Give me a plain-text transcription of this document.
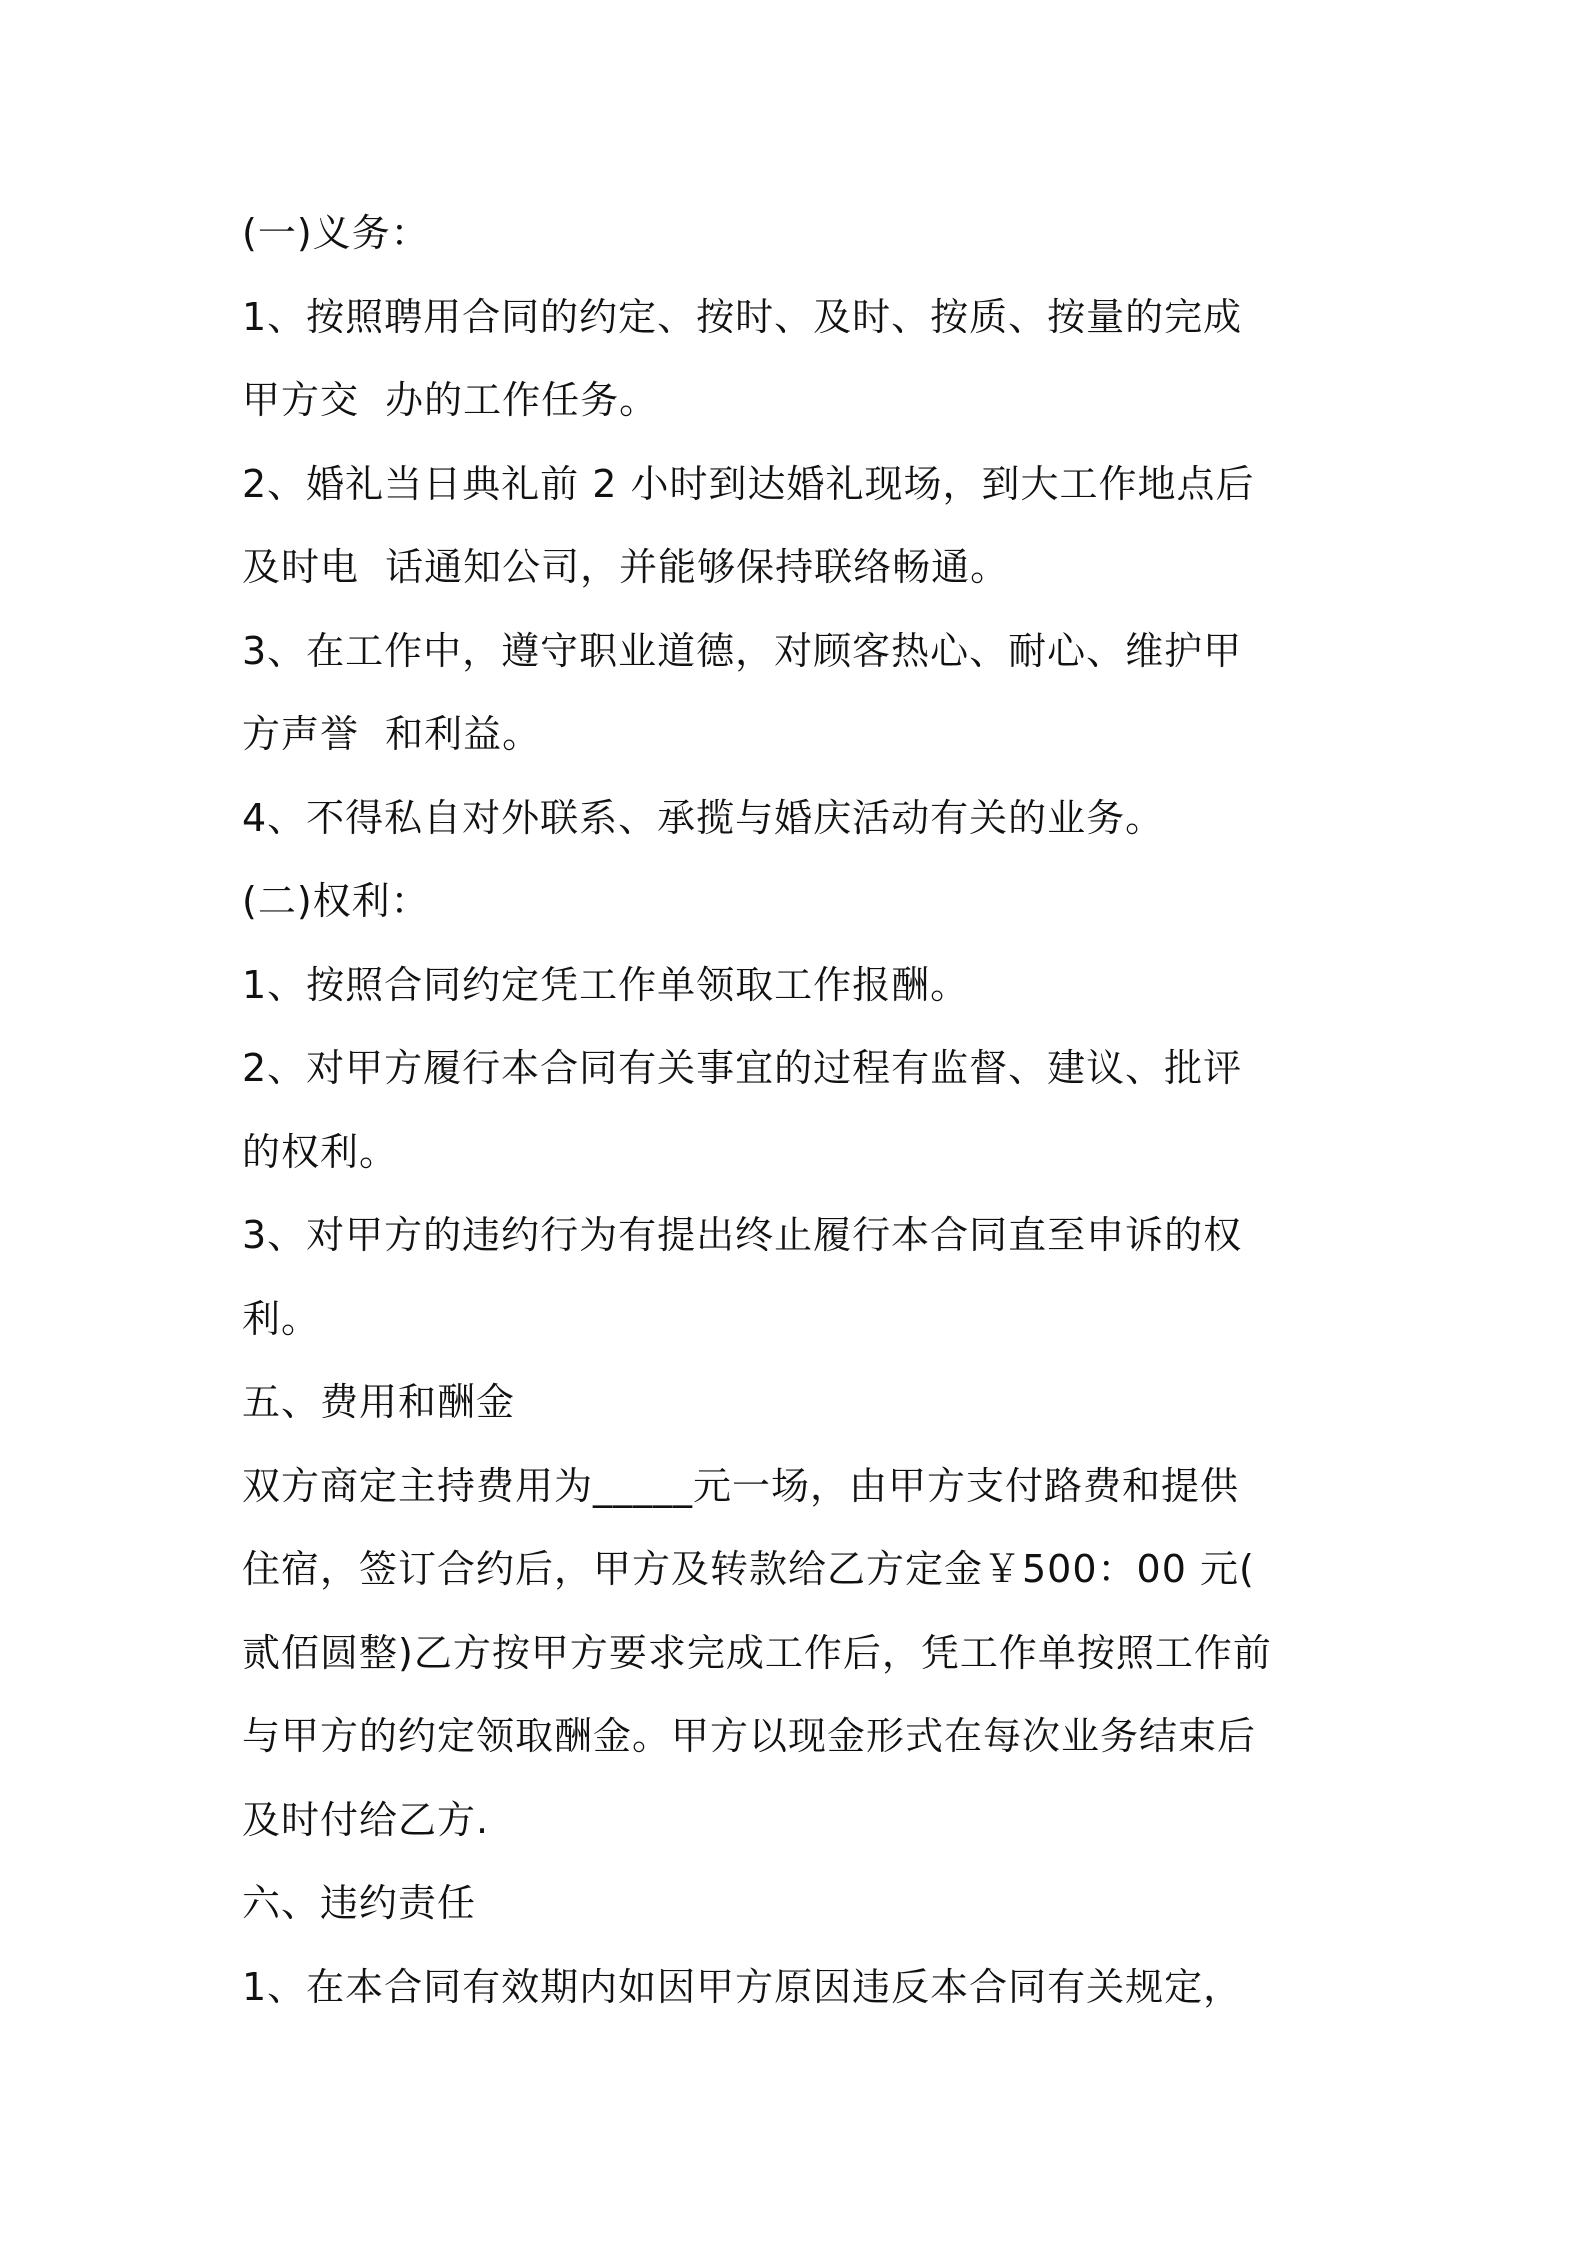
(一)义务：
1、按照聘用合同的约定、按时、及时、按质、按量的完成
甲方交  办的工作任务。
2、婚礼当日典礼前 2 小时到达婚礼现场，到大工作地点后
及时电  话通知公司，并能够保持联络畅通。
3、在工作中，遵守职业道德，对顾客热心、耐心、维护甲
方声誉  和利益。
4、不得私自对外联系、承揽与婚庆活动有关的业务。
(二)权利：
1、按照合同约定凭工作单领取工作报酬。
2、对甲方履行本合同有关事宜的过程有监督、建议、批评
的权利。
3、对甲方的违约行为有提出终止履行本合同直至申诉的权
利。
五、费用和酬金
双方商定主持费用为_____元一场，由甲方支付路费和提供
住宿，签订合约后，甲方及转款给乙方定金￥500：00 元(
贰佰圆整)乙方按甲方要求完成工作后，凭工作单按照工作前
与甲方的约定领取酬金。甲方以现金形式在每次业务结束后
及时付给乙方.
六、违约责任
1、在本合同有效期内如因甲方原因违反本合同有关规定，
